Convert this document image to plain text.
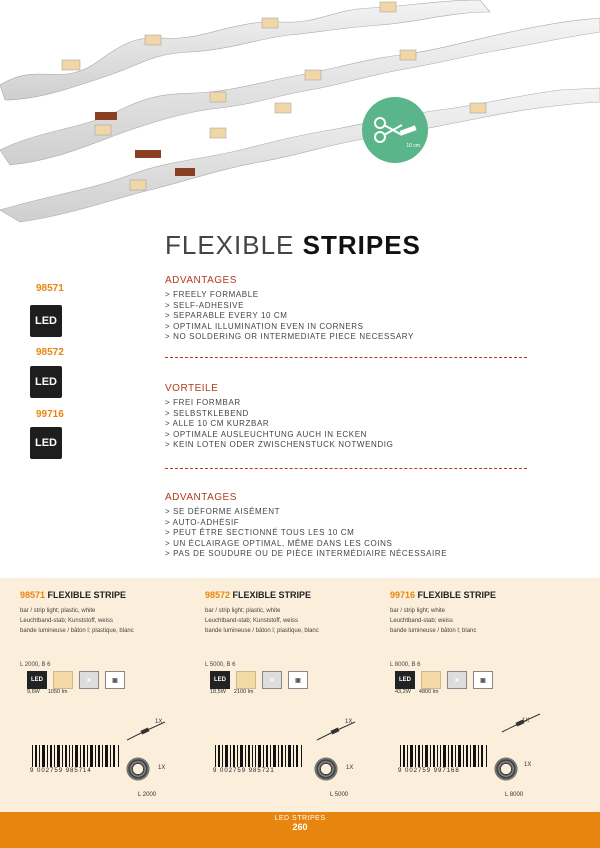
10 cm
FLEXIBLE STRIPES
98571
LED
98572
LED
99716
LED
ADVANTAGES
> FREELY FORMABLE
> SELF-ADHESIVE
> SEPARABLE EVERY 10 CM
> OPTIMAL ILLUMINATION EVEN IN CORNERS
> NO SOLDERING OR INTERMEDIATE PIECE NECESSARY
VORTEILE
> FREI FORMBAR
> SELBSTKLEBEND
> ALLE 10 CM KURZBAR
> OPTIMALE AUSLEUCHTUNG AUCH IN ECKEN
> KEIN LOTEN ODER ZWISCHENSTUCK NOTWENDIG
ADVANTAGES
> SE DÉFORME AISÉMENT
> AUTO-ADHÉSIF
> PEUT ÊTRE SECTIONNÉ TOUS LES 10 CM
> UN ÉCLAIRAGE OPTIMAL, MÊME DANS LES COINS
> PAS DE SOUDURE OU DE PIÈCE INTERMÉDIAIRE NÉCESSAIRE
98571 FLEXIBLE STRIPE
bar / strip light; plastic, white
Leuchtband-stab; Kunststoff, weiss
bande lumineuse / bâton l; plastique, blanc
L 2000, B 6
LED	✕	▣
9,6W 1050 lm
9 002759 985714
1X
1X
L 2000
98572 FLEXIBLE STRIPE
bar / strip light; plastic, white
Leuchtband-stab; Kunststoff, weiss
bande lumineuse / bâton l; plastique, blanc
L 5000, B 6
LED	✕	▣
18,5W 2100 lm
9 002759 985721
1X
1X
L 5000
99716 FLEXIBLE STRIPE
bar / strip light; white
Leuchtband-stab; weiss
bande lumineuse / bâton l; blanc
L 8000, B 6
LED	✕	▣
43,2W 4800 lm
9 002759 997168
1X
1X
L 8000
LED STRIPES
260
